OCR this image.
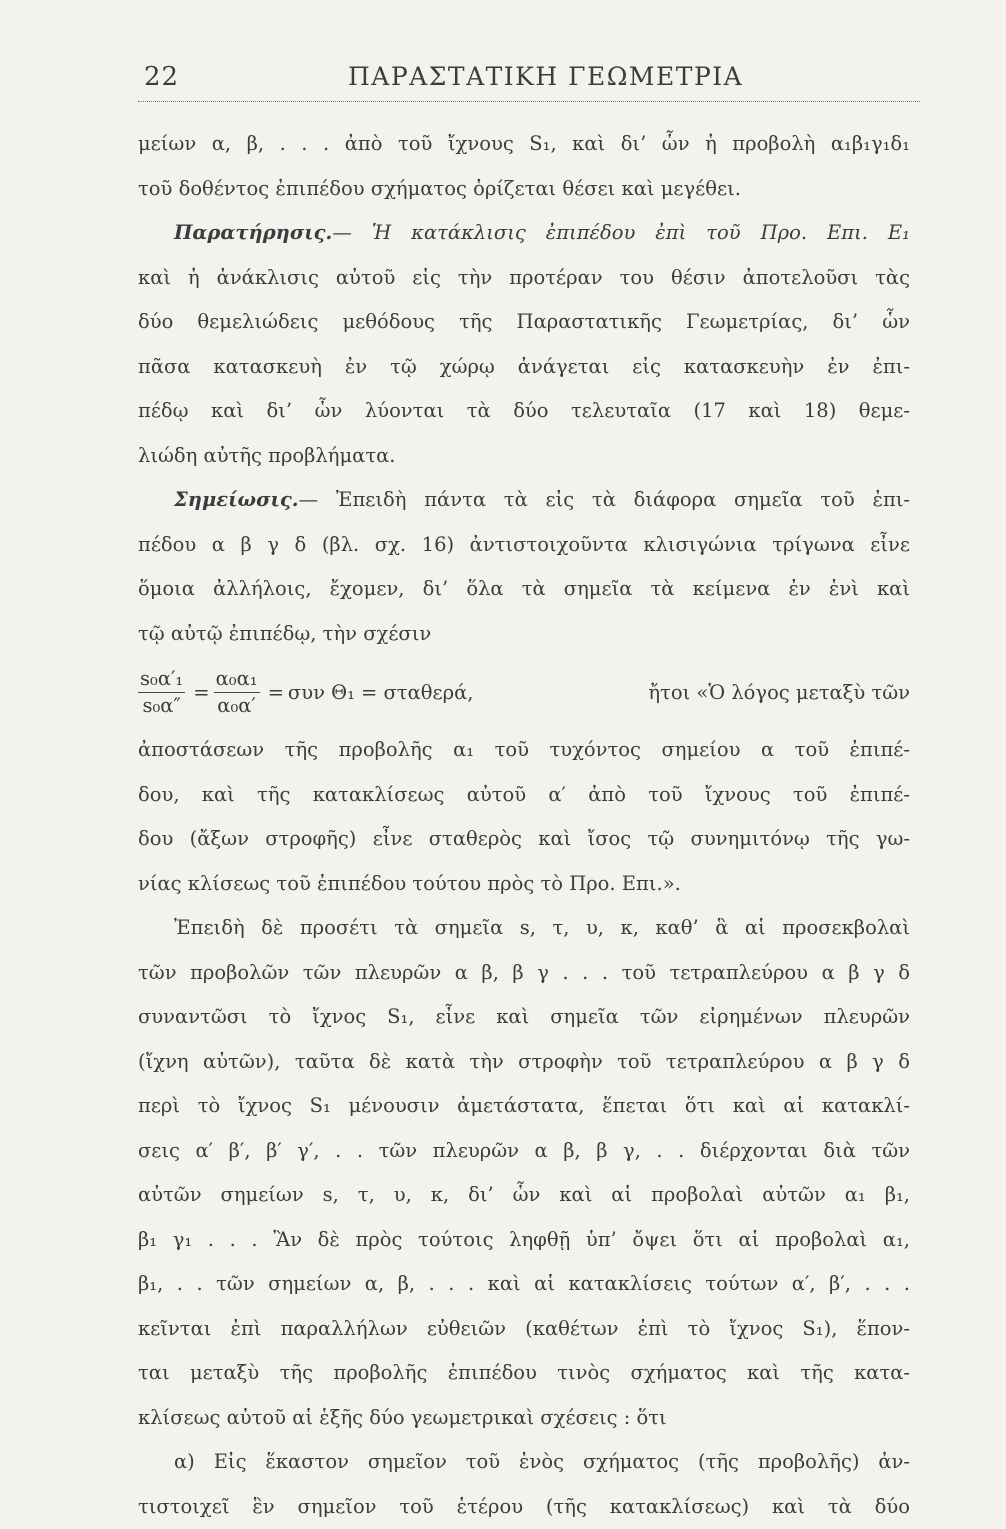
22	ΠΑΡΑΣΤΑΤΙΚΗ ΓΕΩΜΕΤΡΙΑ
μείων α, β, . . . ἀπὸ τοῦ ἴχνους S₁, καὶ δι’ ὧν ἡ προβολὴ α₁β₁γ₁δ₁
τοῦ δοθέντος ἐπιπέδου σχήματος ὁρίζεται θέσει καὶ μεγέθει.
Παρατήρησις.— Ἡ κατάκλισις ἐπιπέδου ἐπὶ τοῦ Προ. Επι. Ε₁
καὶ ἡ ἀνάκλισις αὐτοῦ εἰς τὴν προτέραν του θέσιν ἀποτελοῦσι τὰς
δύο θεμελιώδεις μεθόδους τῆς Παραστατικῆς Γεωμετρίας, δι’ ὧν
πᾶσα κατασκευὴ ἐν τῷ χώρῳ ἀνάγεται εἰς κατασκευὴν ἐν ἐπι-
πέδῳ καὶ δι’ ὧν λύονται τὰ δύο τελευταῖα (17 καὶ 18) θεμε-
λιώδη αὐτῆς προβλήματα.
Σημείωσις.— Ἐπειδὴ πάντα τὰ εἰς τὰ διάφορα σημεῖα τοῦ ἐπι-
πέδου α β γ δ (βλ. σχ. 16) ἀντιστοιχοῦντα κλισιγώνια τρίγωνα εἶνε
ὅμοια ἀλλήλοις, ἔχομεν, δι’ ὅλα τὰ σημεῖα τὰ κείμενα ἐν ἑνὶ καὶ
τῷ αὐτῷ ἐπιπέδῳ, τὴν σχέσιν
$\frac{\text{s₀α′₁}}{\text{s₀α″}} = \frac{\text{α₀α₁}}{\text{α₀α′}} = \sigma\upsilon\nu$ Θ₁ = σταθερά,	ἤτοι «Ὁ λόγος μεταξὺ τῶν
ἀποστάσεων τῆς προβολῆς α₁ τοῦ τυχόντος σημείου α τοῦ ἐπιπέ-
δου, καὶ τῆς κατακλίσεως αὐτοῦ α′ ἀπὸ τοῦ ἴχνους τοῦ ἐπιπέ-
δου (ἄξων στροφῆς) εἶνε σταθερὸς καὶ ἴσος τῷ συνημιτόνῳ τῆς γω-
νίας κλίσεως τοῦ ἐπιπέδου τούτου πρὸς τὸ Προ. Επι.».
Ἐπειδὴ δὲ προσέτι τὰ σημεῖα s, τ, υ, κ, καθ’ ἃ αἱ προσεκβολαὶ
τῶν προβολῶν τῶν πλευρῶν α β, β γ . . . τοῦ τετραπλεύρου α β γ δ
συναντῶσι τὸ ἴχνος S₁, εἶνε καὶ σημεῖα τῶν εἰρημένων πλευρῶν
(ἴχνη αὐτῶν), ταῦτα δὲ κατὰ τὴν στροφὴν τοῦ τετραπλεύρου α β γ δ
περὶ τὸ ἴχνος S₁ μένουσιν ἀμετάστατα, ἕπεται ὅτι καὶ αἱ κατακλί-
σεις α′ β′, β′ γ′, . . τῶν πλευρῶν α β, β γ, . . διέρχονται διὰ τῶν
αὐτῶν σημείων s, τ, υ, κ, δι’ ὧν καὶ αἱ προβολαὶ αὐτῶν α₁ β₁,
β₁ γ₁ . . . Ἂν δὲ πρὸς τούτοις ληφθῇ ὑπ’ ὄψει ὅτι αἱ προβολαὶ α₁,
β₁, . . τῶν σημείων α, β, . . . καὶ αἱ κατακλίσεις τούτων α′, β′, . . .
κεῖνται ἐπὶ παραλλήλων εὐθειῶν (καθέτων ἐπὶ τὸ ἴχνος S₁), ἕπον-
ται μεταξὺ τῆς προβολῆς ἐπιπέδου τινὸς σχήματος καὶ τῆς κατα-
κλίσεως αὐτοῦ αἱ ἑξῆς δύο γεωμετρικαὶ σχέσεις : ὅτι
α) Εἰς ἕκαστον σημεῖον τοῦ ἑνὸς σχήματος (τῆς προβολῆς) ἀν-
τιστοιχεῖ ἓν σημεῖον τοῦ ἑτέρου (τῆς κατακλίσεως) καὶ τὰ δύο
